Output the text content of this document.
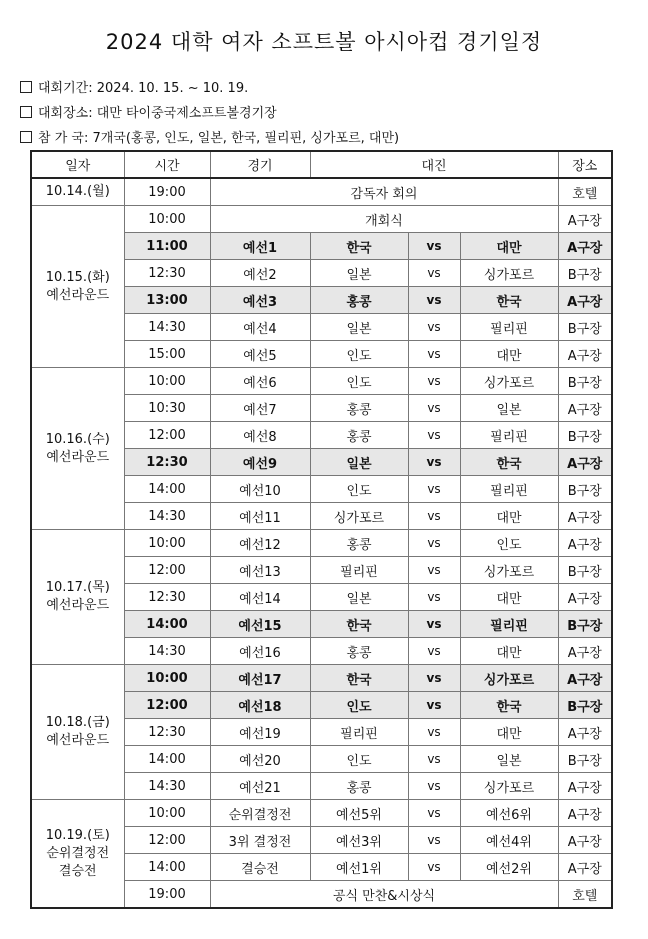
2024 대학 여자 소프트볼 아시아컵 경기일정
대회기간: 2024. 10. 15. ~ 10. 19.
대회장소: 대만 타이중국제소프트볼경기장
참 가 국: 7개국(홍콩, 인도, 일본, 한국, 필리핀, 싱가포르, 대만)
일자	시간	경기	대진			장소

10.14.(월)	19:00	감독자 회의				호텔

10.15.(화)
예선라운드	10:00	개회식				A구장
	11:00	예선1	한국	vs	대만	A구장
	12:30	예선2	일본	vs	싱가포르	B구장
	13:00	예선3	홍콩	vs	한국	A구장
	14:30	예선4	일본	vs	필리핀	B구장
	15:00	예선5	인도	vs	대만	A구장

10.16.(수)
예선라운드	10:00	예선6	인도	vs	싱가포르	B구장
	10:30	예선7	홍콩	vs	일본	A구장
	12:00	예선8	홍콩	vs	필리핀	B구장
	12:30	예선9	일본	vs	한국	A구장
	14:00	예선10	인도	vs	필리핀	B구장
	14:30	예선11	싱가포르	vs	대만	A구장

10.17.(목)
예선라운드	10:00	예선12	홍콩	vs	인도	A구장
	12:00	예선13	필리핀	vs	싱가포르	B구장
	12:30	예선14	일본	vs	대만	A구장
	14:00	예선15	한국	vs	필리핀	B구장
	14:30	예선16	홍콩	vs	대만	A구장

10.18.(금)
예선라운드	10:00	예선17	한국	vs	싱가포르	A구장
	12:00	예선18	인도	vs	한국	B구장
	12:30	예선19	필리핀	vs	대만	A구장
	14:00	예선20	인도	vs	일본	B구장
	14:30	예선21	홍콩	vs	싱가포르	A구장

10.19.(토)
순위결정전
결승전	10:00	순위결정전	예선5위	vs	예선6위	A구장
	12:00	3위 결정전	예선3위	vs	예선4위	A구장
	14:00	결승전	예선1위	vs	예선2위	A구장
	19:00	공식 만찬&시상식				호텔
